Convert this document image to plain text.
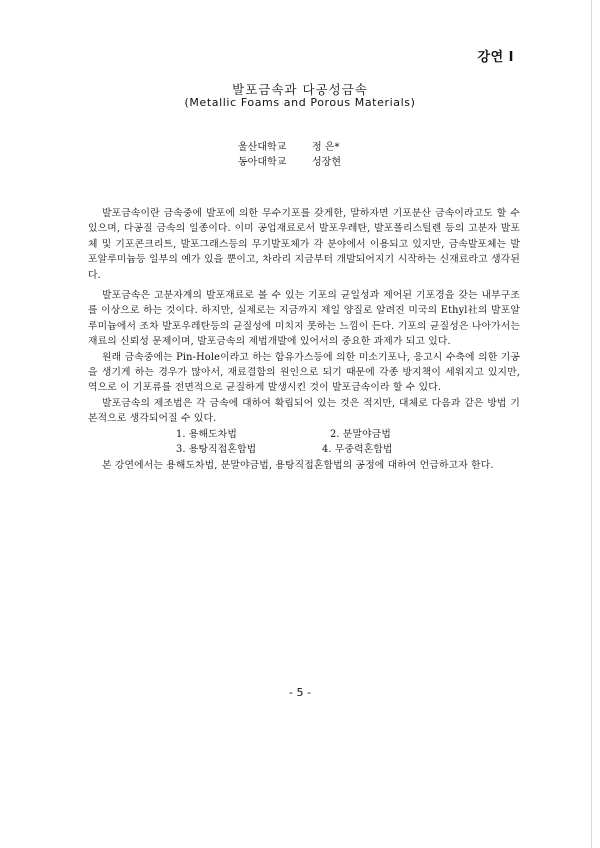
강연 I
발포금속과 다공성금속
(Metallic Foams and Porous Materials)
울산대학교	정 은*
동아대학교	성장현

발포금속이란 금속중에 발포에 의한 무수기포를 갖게한, 말하자면 기포분산 금속이라고도 할 수 있으며, 다공질 금속의 일종이다. 이미 공업재료로서 발포우레탄, 발포폴리스틸렌 등의 고분자 발포체 및 기포콘크리트, 발포그래스등의 무기발포체가 각 분야에서 이용되고 있지만, 금속발포체는 발포알루미늄등 일부의 예가 있을 뿐이고, 차라리 지금부터 개발되어지기 시작하는 신재료라고 생각된다.

발포금속은 고분자계의 발포재료로 볼 수 있는 기포의 균일성과 제어된 기포경을 갖는 내부구조를 이상으로 하는 것이다. 하지만, 실제로는 지금까지 제일 양질로 알려진 미국의 Ethyl社의 발포알루미늄에서 조차 발포우레탄등의 균질성에 미치지 못하는 느낌이 든다. 기포의 균질성은 나아가서는 재료의 신뢰성 문제이며, 발포금속의 제법개발에 있어서의 중요한 과제가 되고 있다.

원래 금속중에는 Pin-Hole이라고 하는 함유가스등에 의한 미소기포나, 응고시 수축에 의한 기공을 생기게 하는 경우가 많아서, 재료결함의 원인으로 되기 때문에 각종 방지책이 세워지고 있지만, 역으로 이 기포류를 전면적으로 균질하게 발생시킨 것이 발포금속이라 할 수 있다.

발포금속의 제조법은 각 금속에 대하여 확립되어 있는 것은 적지만, 대체로 다음과 같은 방법 기본적으로 생각되어질 수 있다.

1. 용해도차법	2. 분말야금법
3. 용탕직접혼합법	4. 무중력혼합법

본 강연에서는 용해도차법, 분말야금법, 용탕직접혼합법의 공정에 대하여 언급하고자 한다.

- 5 -
